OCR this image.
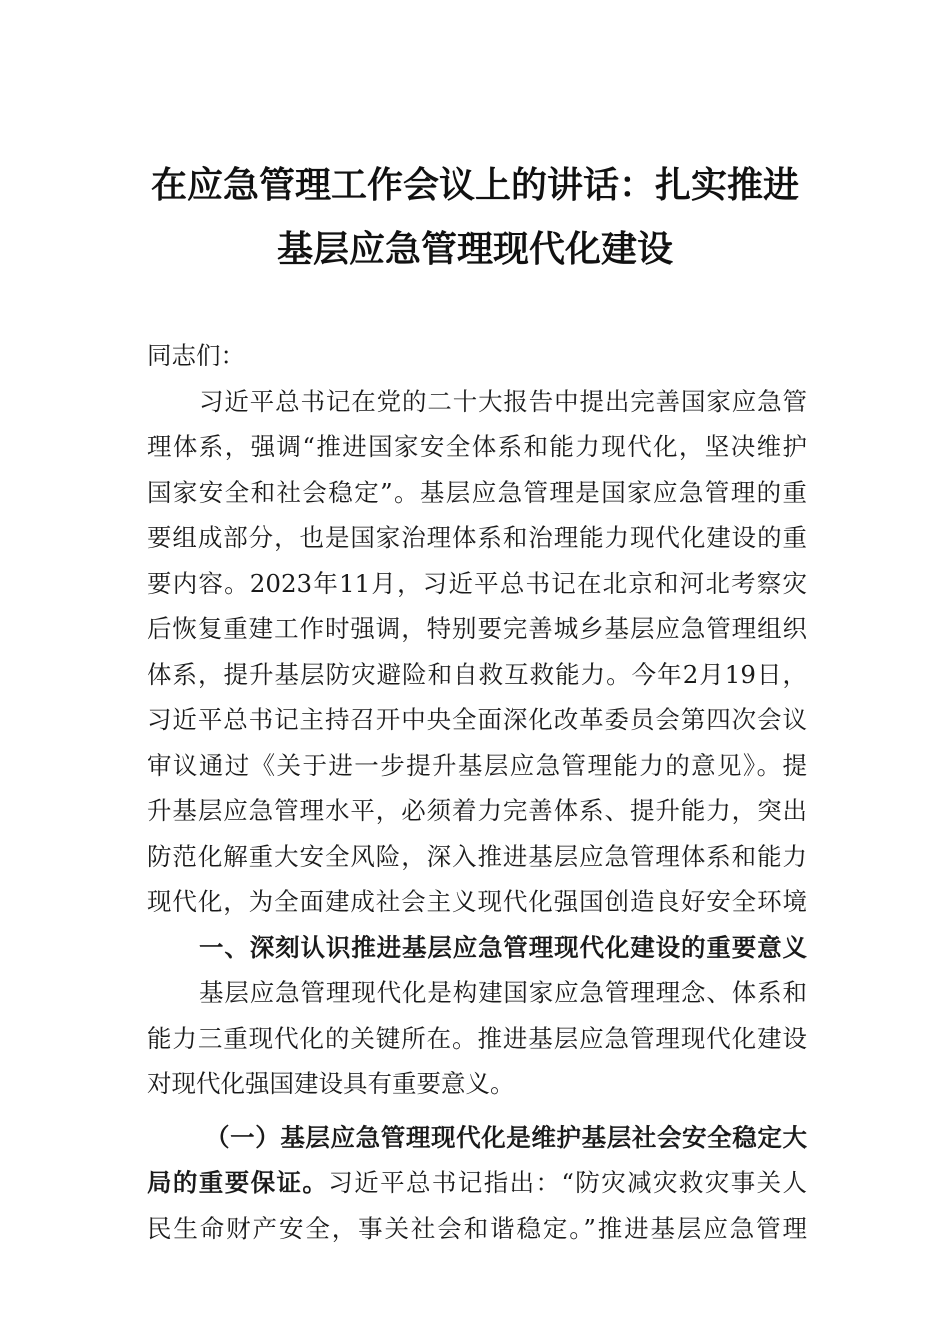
在应急管理工作会议上的讲话：扎实推进
基层应急管理现代化建设
同志们：
习近平总书记在党的二十大报告中提出完善国家应急管
理体系，强调“推进国家安全体系和能力现代化，坚决维护
国家安全和社会稳定”。基层应急管理是国家应急管理的重
要组成部分，也是国家治理体系和治理能力现代化建设的重
要内容。2023年11月，习近平总书记在北京和河北考察灾
后恢复重建工作时强调，特别要完善城乡基层应急管理组织
体系，提升基层防灾避险和自救互救能力。今年2月19日，
习近平总书记主持召开中央全面深化改革委员会第四次会议
审议通过《关于进一步提升基层应急管理能力的意见》。提
升基层应急管理水平，必须着力完善体系、提升能力，突出
防范化解重大安全风险，深入推进基层应急管理体系和能力
现代化，为全面建成社会主义现代化强国创造良好安全环境
一、深刻认识推进基层应急管理现代化建设的重要意义
基层应急管理现代化是构建国家应急管理理念、体系和
能力三重现代化的关键所在。推进基层应急管理现代化建设
对现代化强国建设具有重要意义。
（一）基层应急管理现代化是维护基层社会安全稳定大
局的重要保证。习近平总书记指出：“防灾减灾救灾事关人
民生命财产安全，事关社会和谐稳定。”推进基层应急管理
